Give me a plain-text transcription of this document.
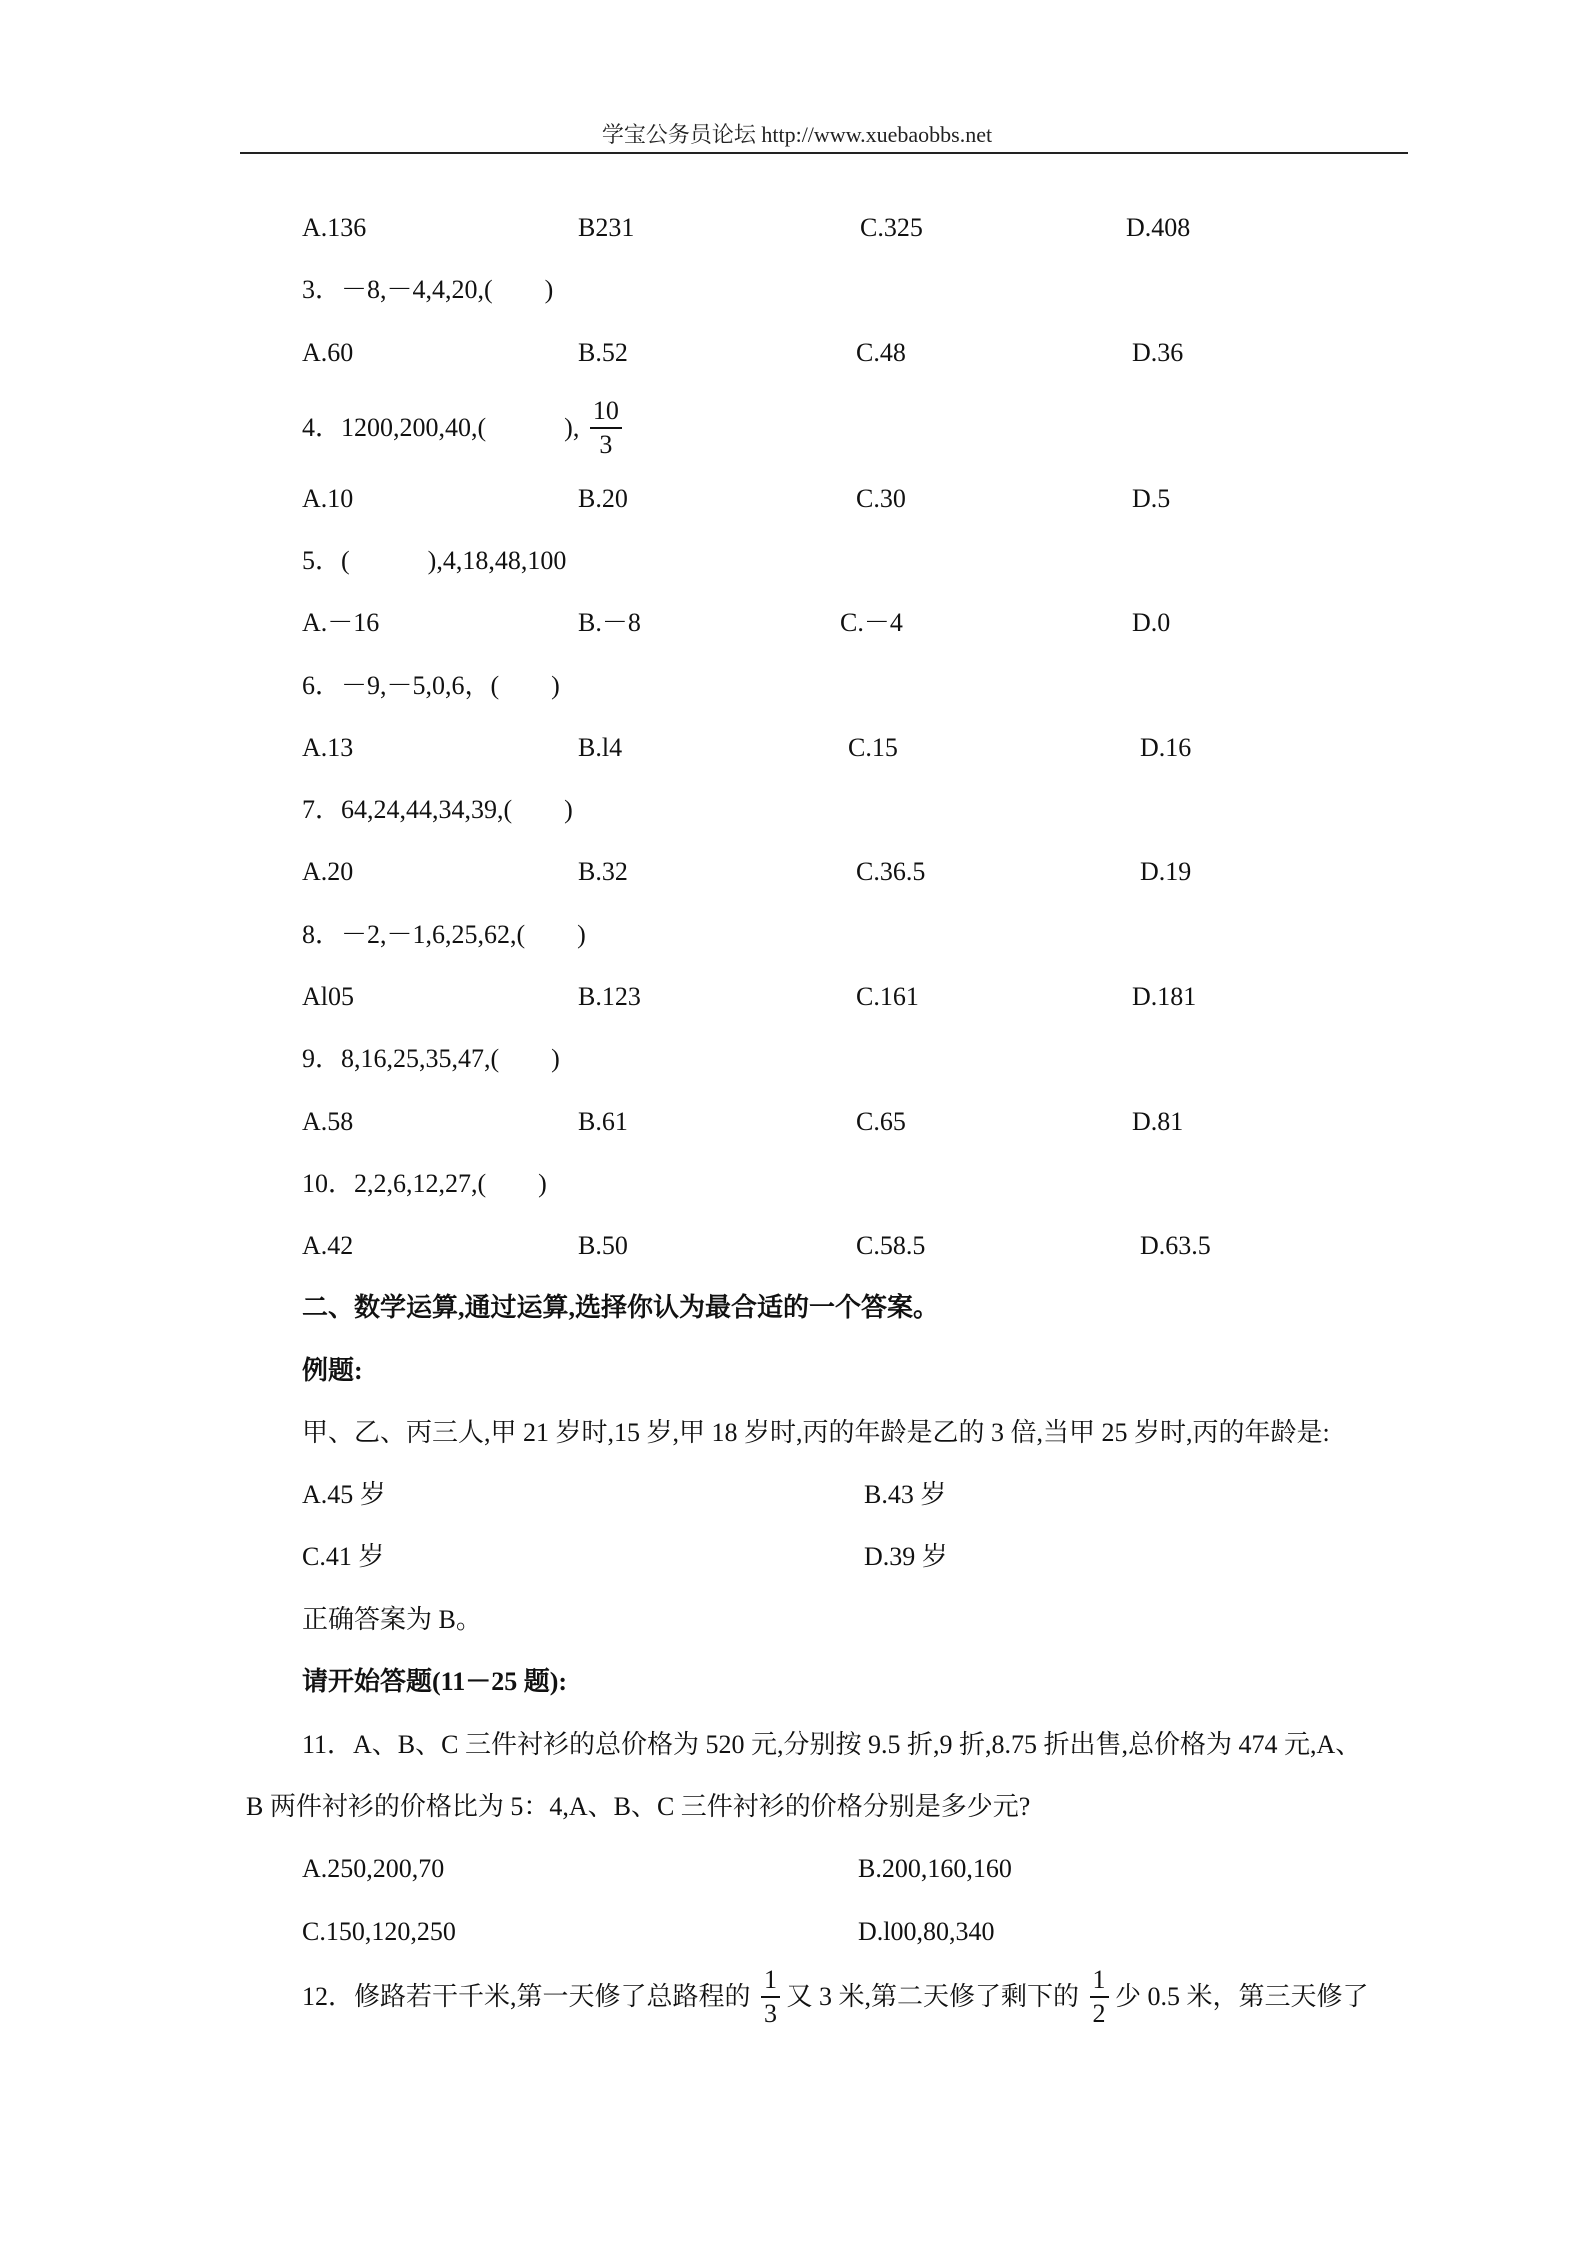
学宝公务员论坛 http://www.xuebaobbs.net
A.136	B231	C.325	D.408
3．－8,－4,4,20,(　　)
A.60	B.52	C.48	D.36
4．1200,200,40,(　　　), $\frac{10}{3}$
A.10	B.20	C.30	D.5
5．(　　　),4,18,48,100
A.－16	B.－8	C.－4	D.0
6．－9,－5,0,6，(　　)
A.13	B.l4	C.15	D.16
7．64,24,44,34,39,(　　)
A.20	B.32	C.36.5	D.19
8．－2,－1,6,25,62,(　　)
Al05	B.123	C.161	D.181
9．8,16,25,35,47,(　　)
A.58	B.61	C.65	D.81
10．2,2,6,12,27,(　　)
A.42	B.50	C.58.5	D.63.5
二、数学运算,通过运算,选择你认为最合适的一个答案。
例题:
甲、乙、丙三人,甲 21 岁时,15 岁,甲 18 岁时,丙的年龄是乙的 3 倍,当甲 25 岁时,丙的年龄是:
A.45 岁	B.43 岁
C.41 岁	D.39 岁
正确答案为 B。
请开始答题(11－25 题):
11．A、B、C 三件衬衫的总价格为 520 元,分别按 9.5 折,9 折,8.75 折出售,总价格为 474 元,A、
B 两件衬衫的价格比为 5：4,A、B、C 三件衬衫的价格分别是多少元?
A.250,200,70	B.200,160,160
C.150,120,250	D.l00,80,340
12．修路若干千米,第一天修了总路程的 $\frac{1}{3}$ 又 3 米,第二天修了剩下的 $\frac{1}{2}$ 少 0.5 米，第三天修了
